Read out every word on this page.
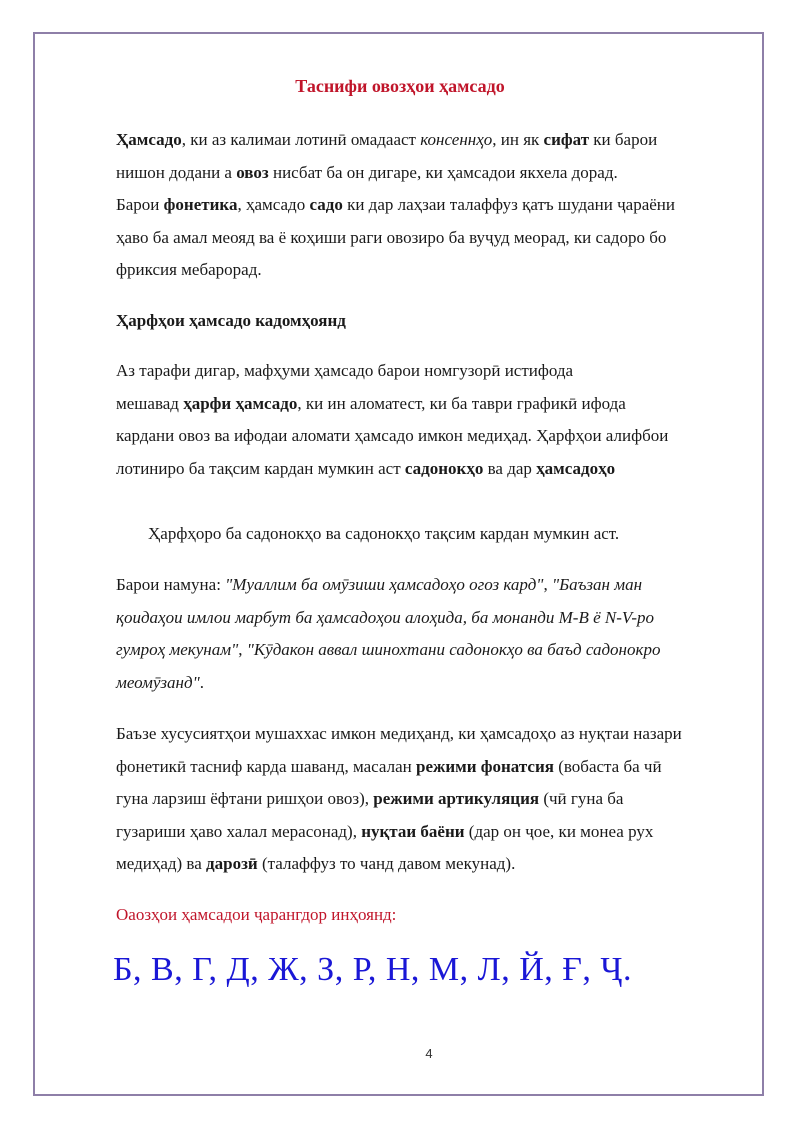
Таснифи овозҳои ҳамсадо
Ҳамсадо, ки аз калимаи лотинӣ омадааст консеннҳо, ин як сифат ки барои
нишон додани а овоз нисбат ба он дигаре, ки ҳамсадои якхела дорад.
Барои фонетика, ҳамсадо садо ки дар лаҳзаи талаффуз қатъ шудани ҷараёни
ҳаво ба амал меояд ва ё коҳиши раги овозиро ба вуҷуд меорад, ки садоро бо
фриксия мебарорад.
Ҳарфҳои ҳамсадо кадомҳоянд
Аз тарафи дигар, мафҳуми ҳамсадо барои номгузорӣ истифода
мешавад ҳарфи ҳамсадо, ки ин аломатест, ки ба таври графикӣ ифода
кардани овоз ва ифодаи аломати ҳамсадо имкон медиҳад. Ҳарфҳои алифбои
лотиниро ба тақсим кардан мумкин аст садонокҳо ва дар ҳамсадоҳо
Ҳарфҳоро ба садонокҳо ва садонокҳо тақсим кардан мумкин аст.
Барои намуна: "Муаллим ба омӯзиши ҳамсадоҳо огоз кард", "Баъзан ман
қоидаҳои имлои марбут ба ҳамсадоҳои алоҳида, ба монанди M-B ё N-V-ро
гумроҳ мекунам", "Кӯдакон аввал шинохтани садонокҳо ва баъд садонокро
меомӯзанд".
Баъзе хусусиятҳои мушаххас имкон медиҳанд, ки ҳамсадоҳо аз нуқтаи назари
фонетикӣ тасниф карда шаванд, масалан режими фонатсия (вобаста ба чӣ
гуна ларзиш ёфтани ришҳои овоз), режими артикуляция (чӣ гуна ба
гузариши ҳаво халал мерасонад), нуқтаи баёни (дар он ҷое, ки монеа рух
медиҳад) ва дарозӣ (талаффуз то чанд давом мекунад).
Оаозҳои ҳамсадои ҷарангдор инҳоянд:
Б, В, Г, Д, Ж, З, Р, Н, М, Л, Й, Ғ, Ҷ.
4
